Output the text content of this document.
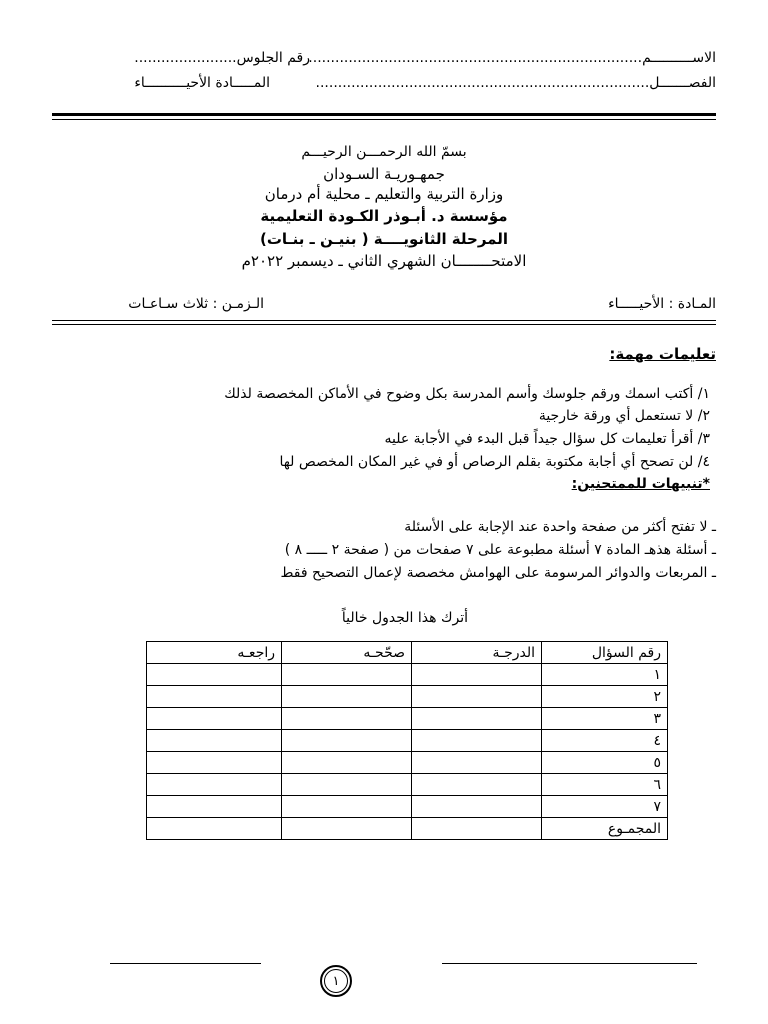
الاســــــــــم...........................................................................
رقم الجلوس.......................
الفصـــــــل...........................................................................
المـــــادة الأحيــــــــــاء
بسمّ الله الرحمـــن الرحيـــم
جمهـوريـة السـودان
وزارة التربية والتعليم ـ محلية أم درمان
مؤسسة د. أبـوذر الكـودة التعليمية
المرحلة الثانويــــة ( بنيـن ـ بنـات)
الامتحــــــــان الشهري الثاني ـ ديسمبر ٢٠٢٢م
المـادة : الأحيـــــاء
الـزمـن : ثلاث سـاعـات
تعليمات مهمة:
١/ أكتب اسمك ورقم جلوسك وأسم المدرسة بكل وضوح في الأماكن المخصصة لذلك
٢/ لا تستعمل أي ورقة خارجية
٣/ أقرأ تعليمات كل سؤال جيداً قبل البدء في الأجابة عليه
٤/ لن تصحح أي أجابة مكتوبة بقلم الرصاص أو في غير المكان المخصص لها
*تنبيهات للممتحنين:
ـ لا تفتح أكثر من صفحة واحدة عند الإجابة على الأسئلة
ـ أسئلة هذهـ المادة ٧ أسئلة مطبوعة على ٧ صفحات من ( صفحة ٢ ـــــ ٨ )
ـ المربعات والدوائر المرسومة على الهوامش مخصصة لإعمال التصحيح فقط
أترك هذا الجدول خالياً
رقم السؤال	الدرجـة	صحّحـه	راجعـه
١			
٢			
٣			
٤			
٥			
٦			
٧			
المجمـوع			
١
